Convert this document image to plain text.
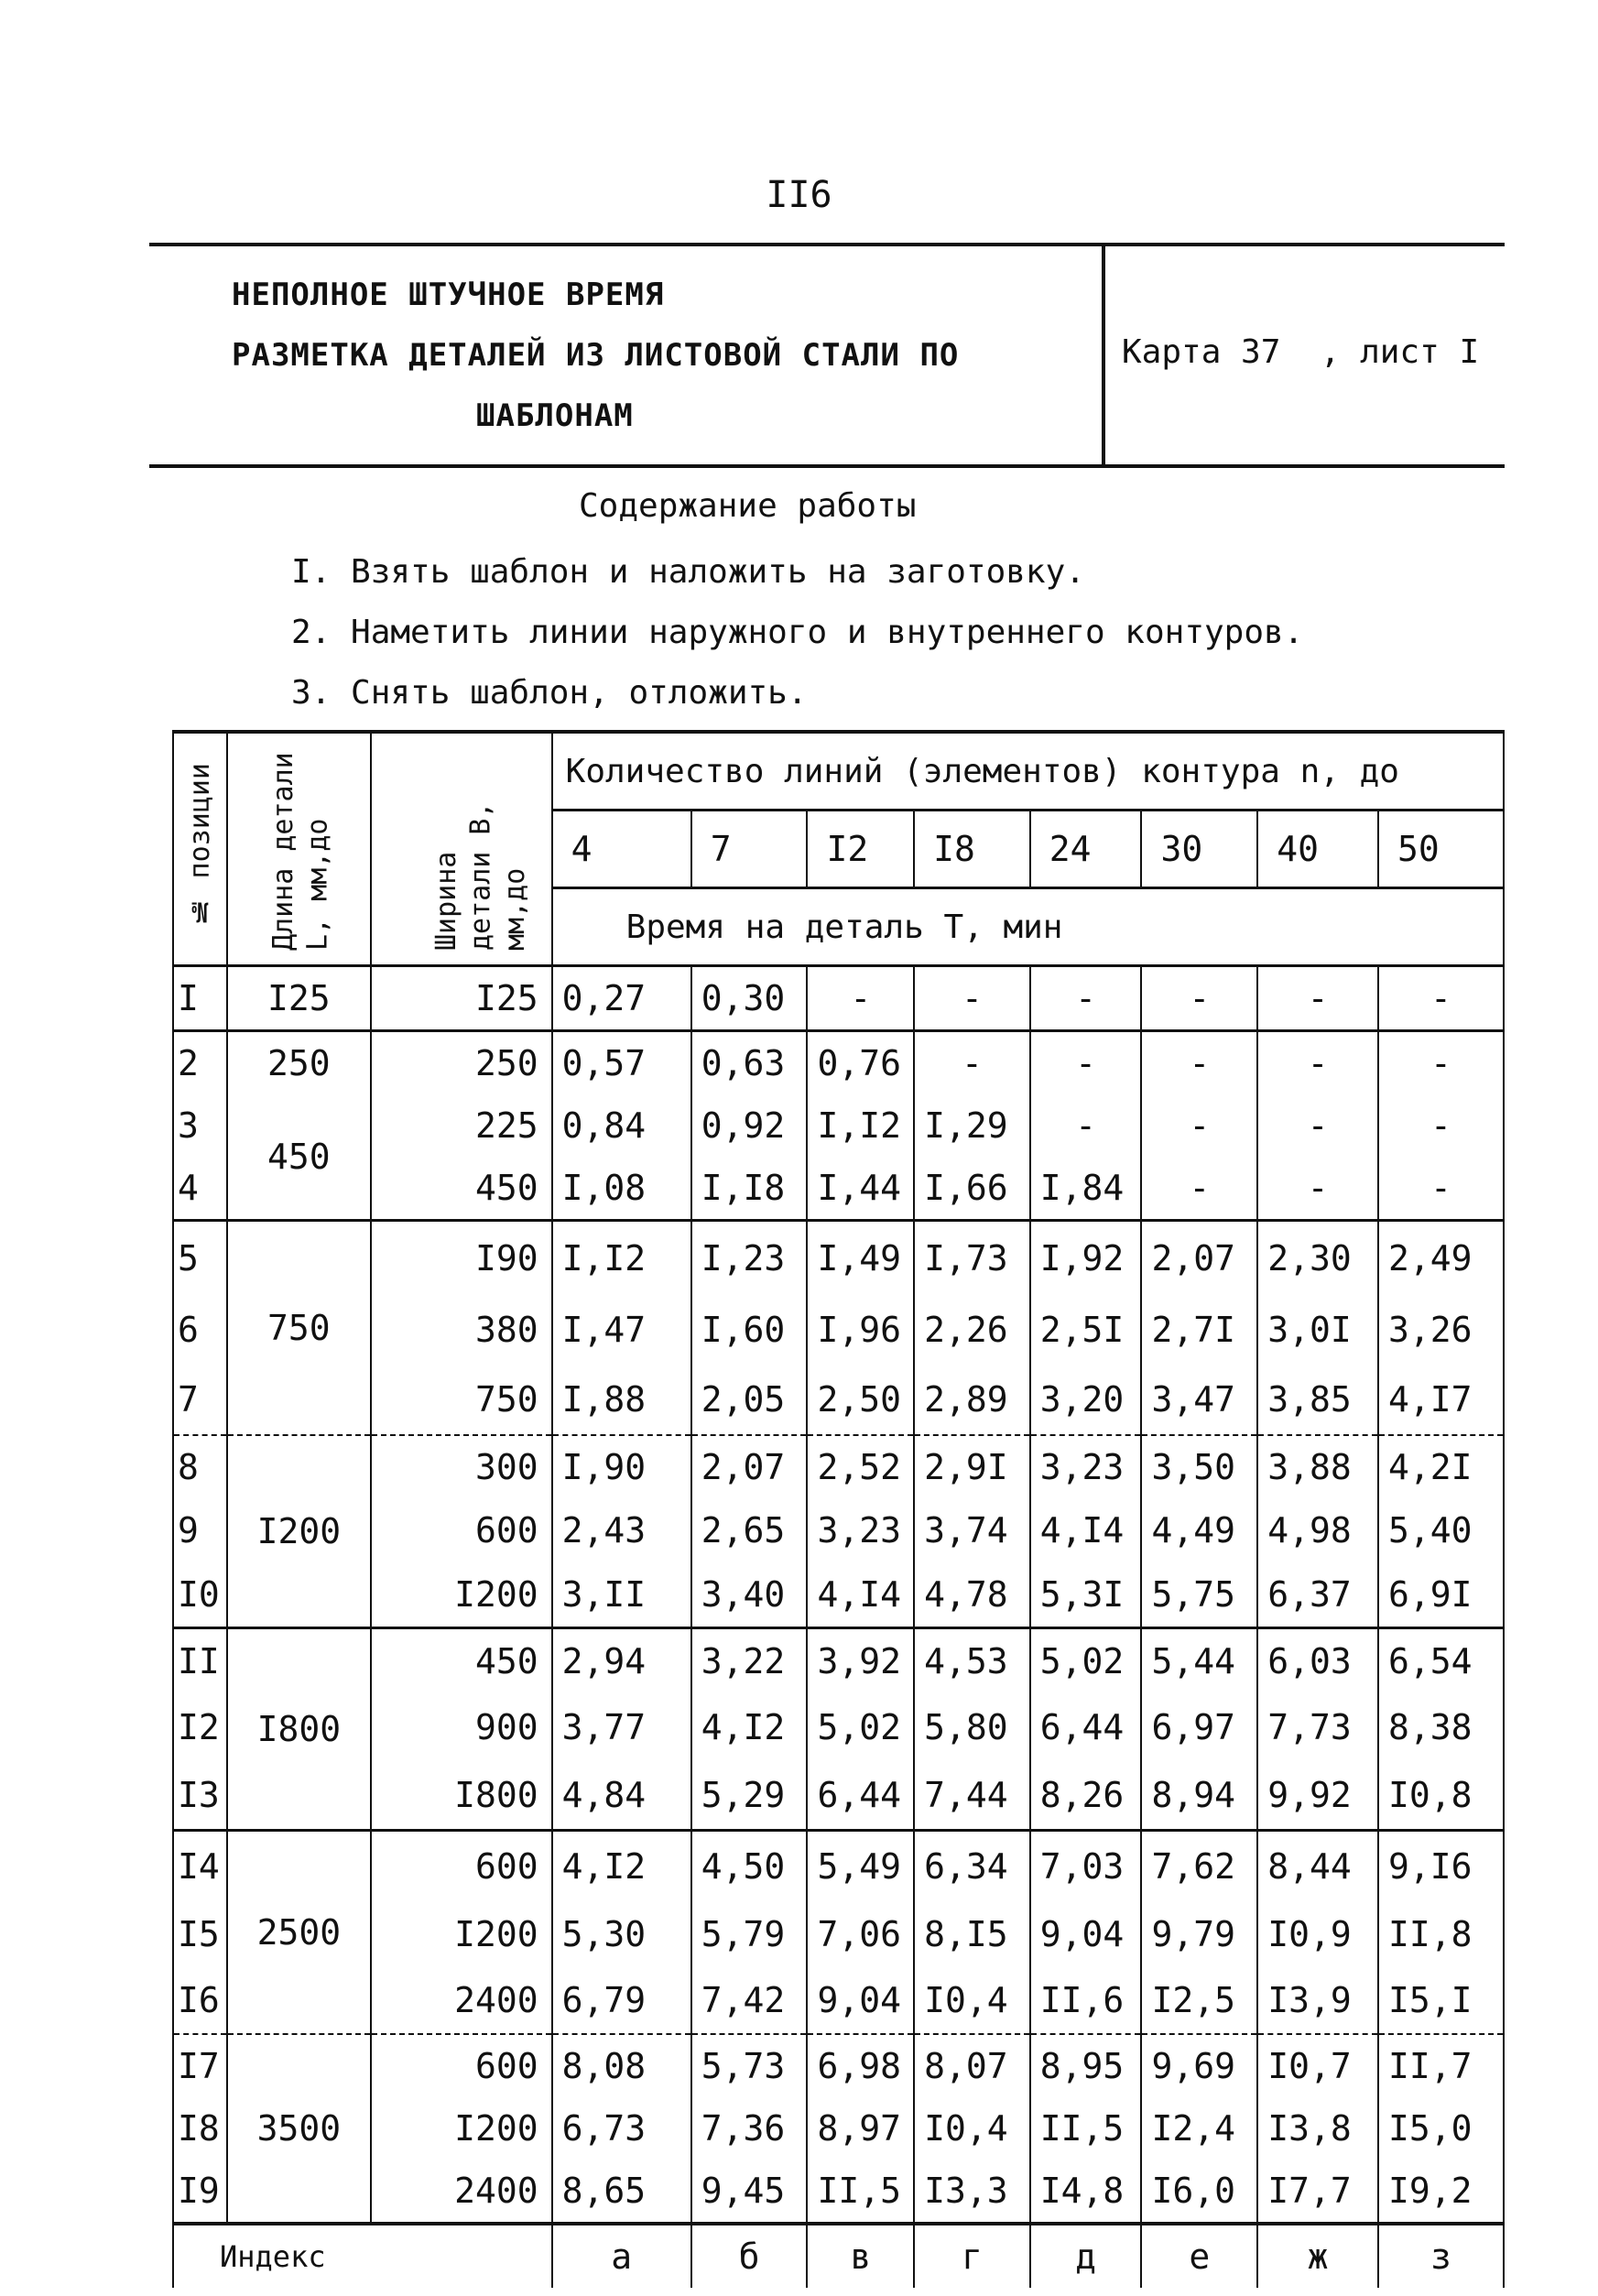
II6
НЕПОЛНОЕ ШТУЧНОЕ ВРЕМЯ
РАЗМЕТКА ДЕТАЛЕЙ ИЗ ЛИСТОВОЙ СТАЛИ ПО
ШАБЛОНАМ
Карта 37  , лист I
Содержание работы
I. Взять шаблон и наложить на заготовку.
2. Наметить линии наружного и внутреннего контуров.
3. Снять шаблон, отложить.
№ позиции	Длина детали L, мм,до	Ширина детали В, мм,до	Количество линий (элементов) контура n, до							
			4	7	I2	I8	24	30	40	50
			Время на деталь Т, мин							
I	I25	I25	0,27	0,30	-	-	-	-	-	-
2	250	250	0,57	0,63	0,76	-	-	-	-	-
3	450	225	0,84	0,92	I,I2	I,29	-	-	-	-
4		450	I,08	I,I8	I,44	I,66	I,84	-	-	-
5	750	I90	I,I2	I,23	I,49	I,73	I,92	2,07	2,30	2,49
6		380	I,47	I,60	I,96	2,26	2,5I	2,7I	3,0I	3,26
7		750	I,88	2,05	2,50	2,89	3,20	3,47	3,85	4,I7
8	I200	300	I,90	2,07	2,52	2,9I	3,23	3,50	3,88	4,2I
9		600	2,43	2,65	3,23	3,74	4,I4	4,49	4,98	5,40
I0		I200	3,II	3,40	4,I4	4,78	5,3I	5,75	6,37	6,9I
II	I800	450	2,94	3,22	3,92	4,53	5,02	5,44	6,03	6,54
I2		900	3,77	4,I2	5,02	5,80	6,44	6,97	7,73	8,38
I3		I800	4,84	5,29	6,44	7,44	8,26	8,94	9,92	I0,8
I4	2500	600	4,I2	4,50	5,49	6,34	7,03	7,62	8,44	9,I6
I5		I200	5,30	5,79	7,06	8,I5	9,04	9,79	I0,9	II,8
I6		2400	6,79	7,42	9,04	I0,4	II,6	I2,5	I3,9	I5,I
I7	3500	600	8,08	5,73	6,98	8,07	8,95	9,69	I0,7	II,7
I8		I200	6,73	7,36	8,97	I0,4	II,5	I2,4	I3,8	I5,0
I9		2400	8,65	9,45	II,5	I3,3	I4,8	I6,0	I7,7	I9,2
Индекс			а	б	в	г	д	е	ж	з
